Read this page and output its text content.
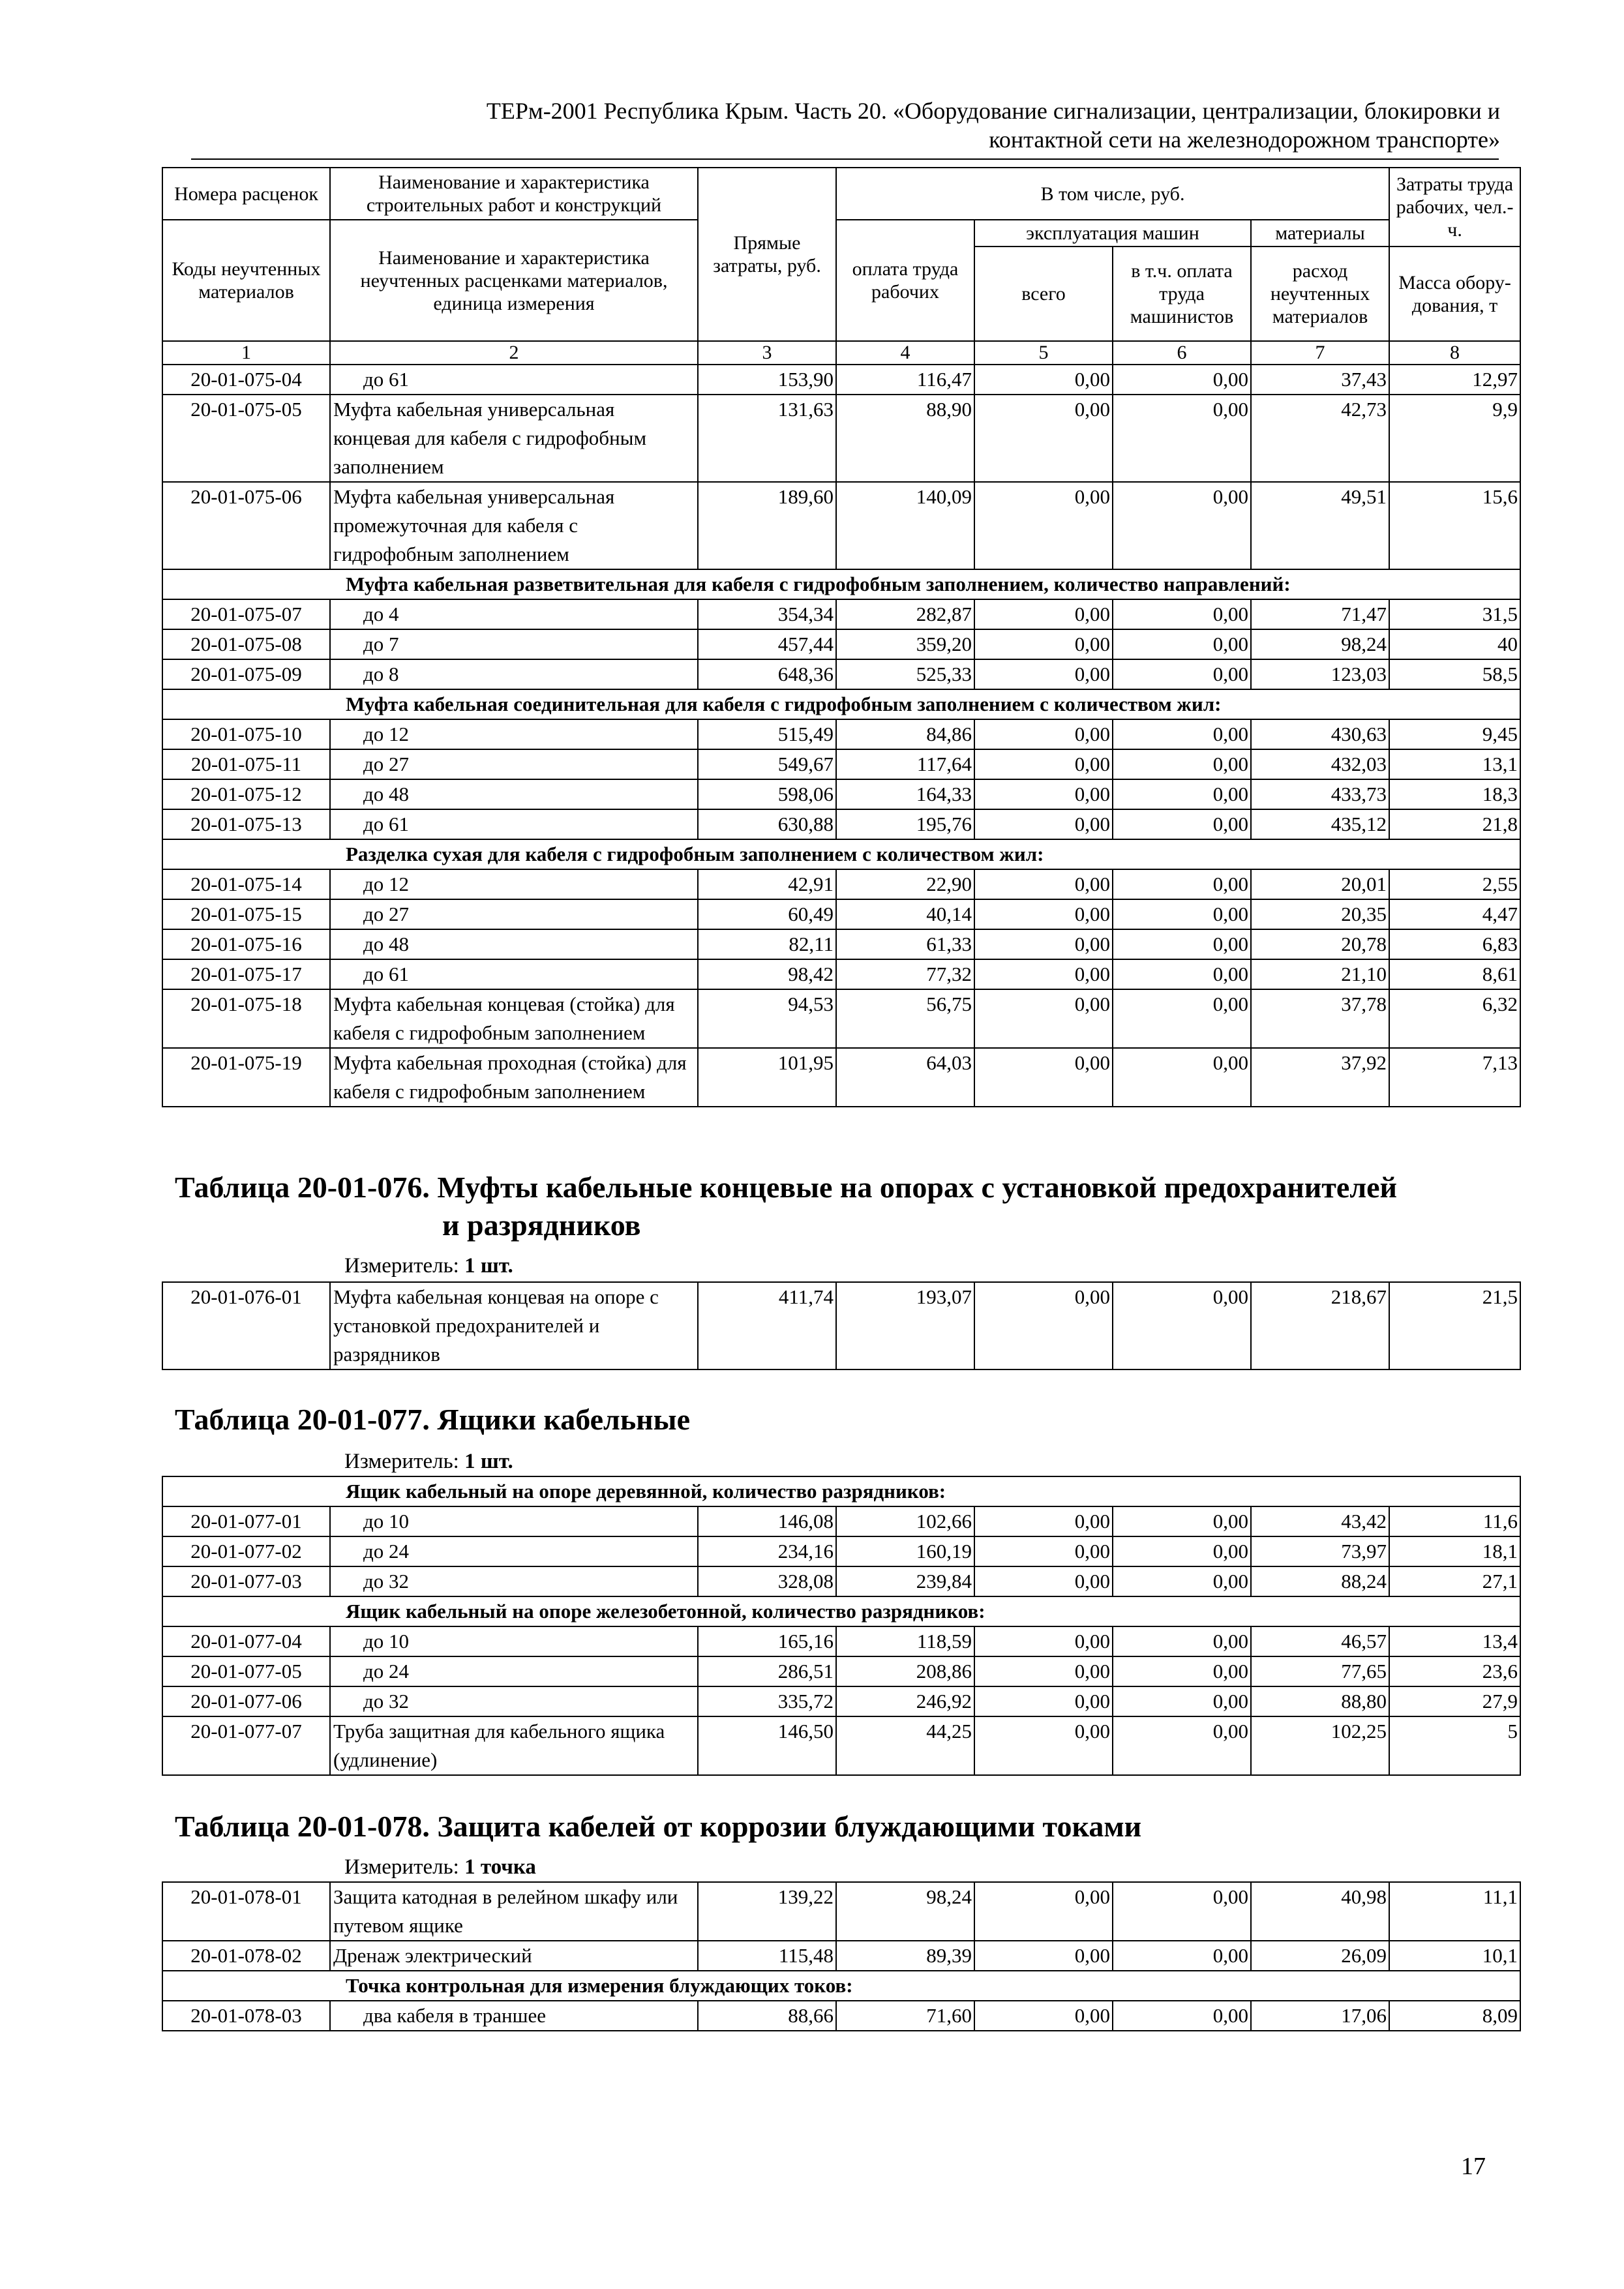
ТЕРм-2001 Республика Крым. Часть 20. «Оборудование сигнализации, централизации, блокировки и
контактной сети на железнодорожном транспорте»
Номера расценок	Наименование и характеристика строительных работ и конструкций	Прямые затраты, руб.	В том числе, руб.				Затраты труда рабочих, чел.-ч.
Коды неучтенных материалов	Наименование и характеристика неучтенных расценками материалов, единица измерения		оплата труда рабочих	эксплуатация машин		материалы	
				всего	в т.ч. оплата труда машинистов	расход неучтенных материалов	Масса обору-дования, т
1	2	3	4	5	6	7	8
20-01-075-04	до 61	153,90	116,47	0,00	0,00	37,43	12,97
20-01-075-05	Муфта кабельная универсальная концевая для кабеля с гидрофобным заполнением	131,63	88,90	0,00	0,00	42,73	9,9
20-01-075-06	Муфта кабельная универсальная промежуточная для кабеля с гидрофобным заполнением	189,60	140,09	0,00	0,00	49,51	15,6
Муфта кабельная разветвительная для кабеля с гидрофобным заполнением, количество направлений:							
20-01-075-07	до 4	354,34	282,87	0,00	0,00	71,47	31,5
20-01-075-08	до 7	457,44	359,20	0,00	0,00	98,24	40
20-01-075-09	до 8	648,36	525,33	0,00	0,00	123,03	58,5
Муфта кабельная соединительная для кабеля с гидрофобным заполнением с количеством жил:							
20-01-075-10	до 12	515,49	84,86	0,00	0,00	430,63	9,45
20-01-075-11	до 27	549,67	117,64	0,00	0,00	432,03	13,1
20-01-075-12	до 48	598,06	164,33	0,00	0,00	433,73	18,3
20-01-075-13	до 61	630,88	195,76	0,00	0,00	435,12	21,8
Разделка сухая для кабеля с гидрофобным заполнением с количеством жил:							
20-01-075-14	до 12	42,91	22,90	0,00	0,00	20,01	2,55
20-01-075-15	до 27	60,49	40,14	0,00	0,00	20,35	4,47
20-01-075-16	до 48	82,11	61,33	0,00	0,00	20,78	6,83
20-01-075-17	до 61	98,42	77,32	0,00	0,00	21,10	8,61
20-01-075-18	Муфта кабельная концевая (стойка) для кабеля с гидрофобным заполнением	94,53	56,75	0,00	0,00	37,78	6,32
20-01-075-19	Муфта кабельная проходная (стойка) для кабеля с гидрофобным заполнением	101,95	64,03	0,00	0,00	37,92	7,13
Таблица 20-01-076. Муфты кабельные концевые на опорах с установкой предохранителей
и разрядников
Измеритель: 1 шт.
20-01-076-01	Муфта кабельная концевая на опоре с установкой предохранителей и разрядников	411,74	193,07	0,00	0,00	218,67	21,5
Таблица 20-01-077. Ящики кабельные
Измеритель: 1 шт.
Ящик кабельный на опоре деревянной, количество разрядников:							
20-01-077-01	до 10	146,08	102,66	0,00	0,00	43,42	11,6
20-01-077-02	до 24	234,16	160,19	0,00	0,00	73,97	18,1
20-01-077-03	до 32	328,08	239,84	0,00	0,00	88,24	27,1
Ящик кабельный на опоре железобетонной, количество разрядников:							
20-01-077-04	до 10	165,16	118,59	0,00	0,00	46,57	13,4
20-01-077-05	до 24	286,51	208,86	0,00	0,00	77,65	23,6
20-01-077-06	до 32	335,72	246,92	0,00	0,00	88,80	27,9
20-01-077-07	Труба защитная для кабельного ящика (удлинение)	146,50	44,25	0,00	0,00	102,25	5
Таблица 20-01-078. Защита кабелей от коррозии блуждающими токами
Измеритель: 1 точка
20-01-078-01	Защита катодная в релейном шкафу или путевом ящике	139,22	98,24	0,00	0,00	40,98	11,1
20-01-078-02	Дренаж электрический	115,48	89,39	0,00	0,00	26,09	10,1
Точка контрольная для измерения блуждающих токов:							
20-01-078-03	два кабеля в траншее	88,66	71,60	0,00	0,00	17,06	8,09
17
